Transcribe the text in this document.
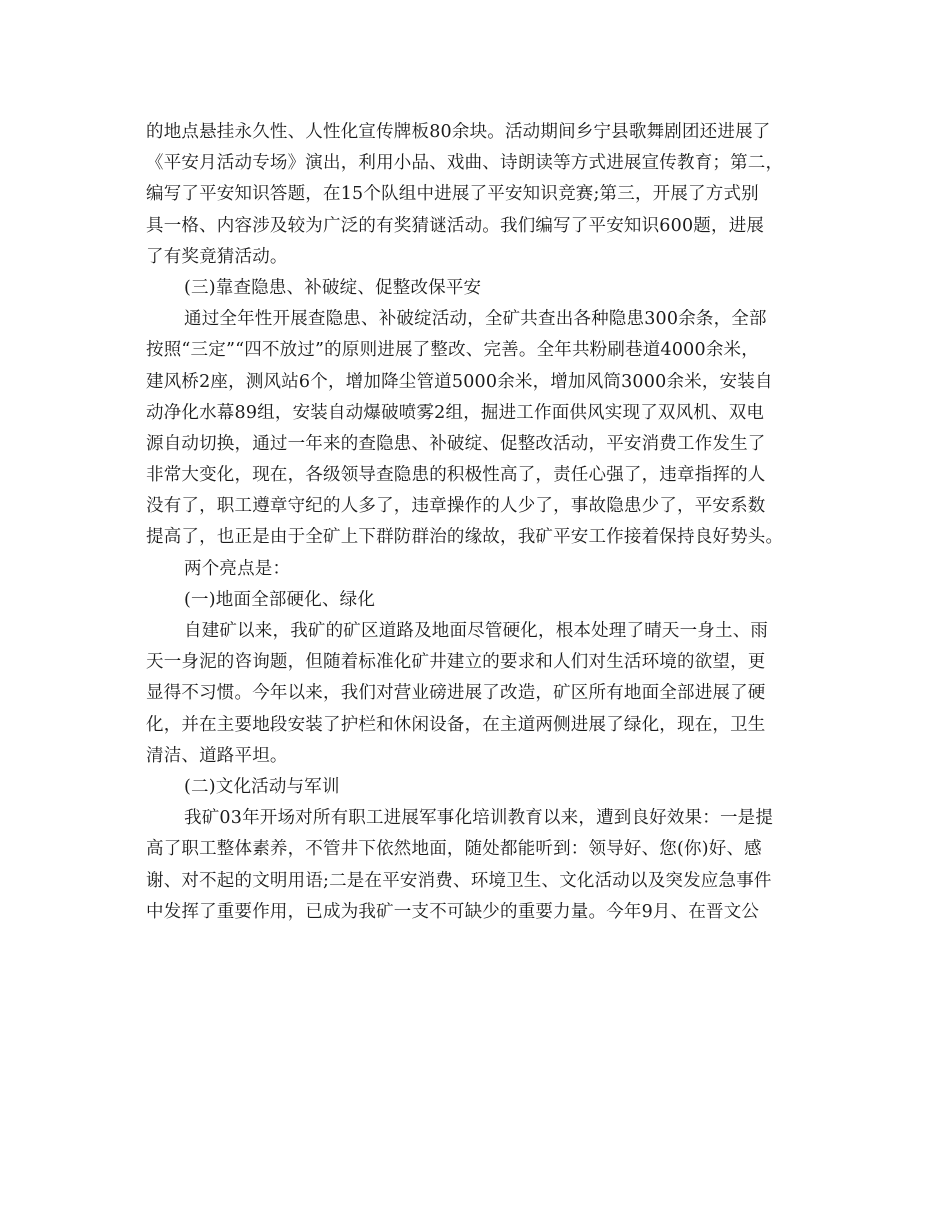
的地点悬挂永久性、人性化宣传牌板80余块。活动期间乡宁县歌舞剧团还进展了
《平安月活动专场》演出，利用小品、戏曲、诗朗读等方式进展宣传教育；第二，
编写了平安知识答题，在15个队组中进展了平安知识竞赛;第三，开展了方式别
具一格、内容涉及较为广泛的有奖猜谜活动。我们编写了平安知识600题，进展
了有奖竟猜活动。
(三)靠查隐患、补破绽、促整改保平安
通过全年性开展查隐患、补破绽活动，全矿共查出各种隐患300余条，全部
按照“三定”“四不放过”的原则进展了整改、完善。全年共粉刷巷道4000余米，
建风桥2座，测风站6个，增加降尘管道5000余米，增加风筒3000余米，安装自
动净化水幕89组，安装自动爆破喷雾2组，掘进工作面供风实现了双风机、双电
源自动切换，通过一年来的查隐患、补破绽、促整改活动，平安消费工作发生了
非常大变化，现在，各级领导查隐患的积极性高了，责任心强了，违章指挥的人
没有了，职工遵章守纪的人多了，违章操作的人少了，事故隐患少了，平安系数
提高了，也正是由于全矿上下群防群治的缘故，我矿平安工作接着保持良好势头。
两个亮点是：
(一)地面全部硬化、绿化
自建矿以来，我矿的矿区道路及地面尽管硬化，根本处理了晴天一身土、雨
天一身泥的咨询题，但随着标准化矿井建立的要求和人们对生活环境的欲望，更
显得不习惯。今年以来，我们对营业磅进展了改造，矿区所有地面全部进展了硬
化，并在主要地段安装了护栏和休闲设备，在主道两侧进展了绿化，现在，卫生
清洁、道路平坦。
(二)文化活动与军训
我矿03年开场对所有职工进展军事化培训教育以来，遭到良好效果：一是提
高了职工整体素养，不管井下依然地面，随处都能听到：领导好、您(你)好、感
谢、对不起的文明用语;二是在平安消费、环境卫生、文化活动以及突发应急事件
中发挥了重要作用，已成为我矿一支不可缺少的重要力量。今年9月、在晋文公
